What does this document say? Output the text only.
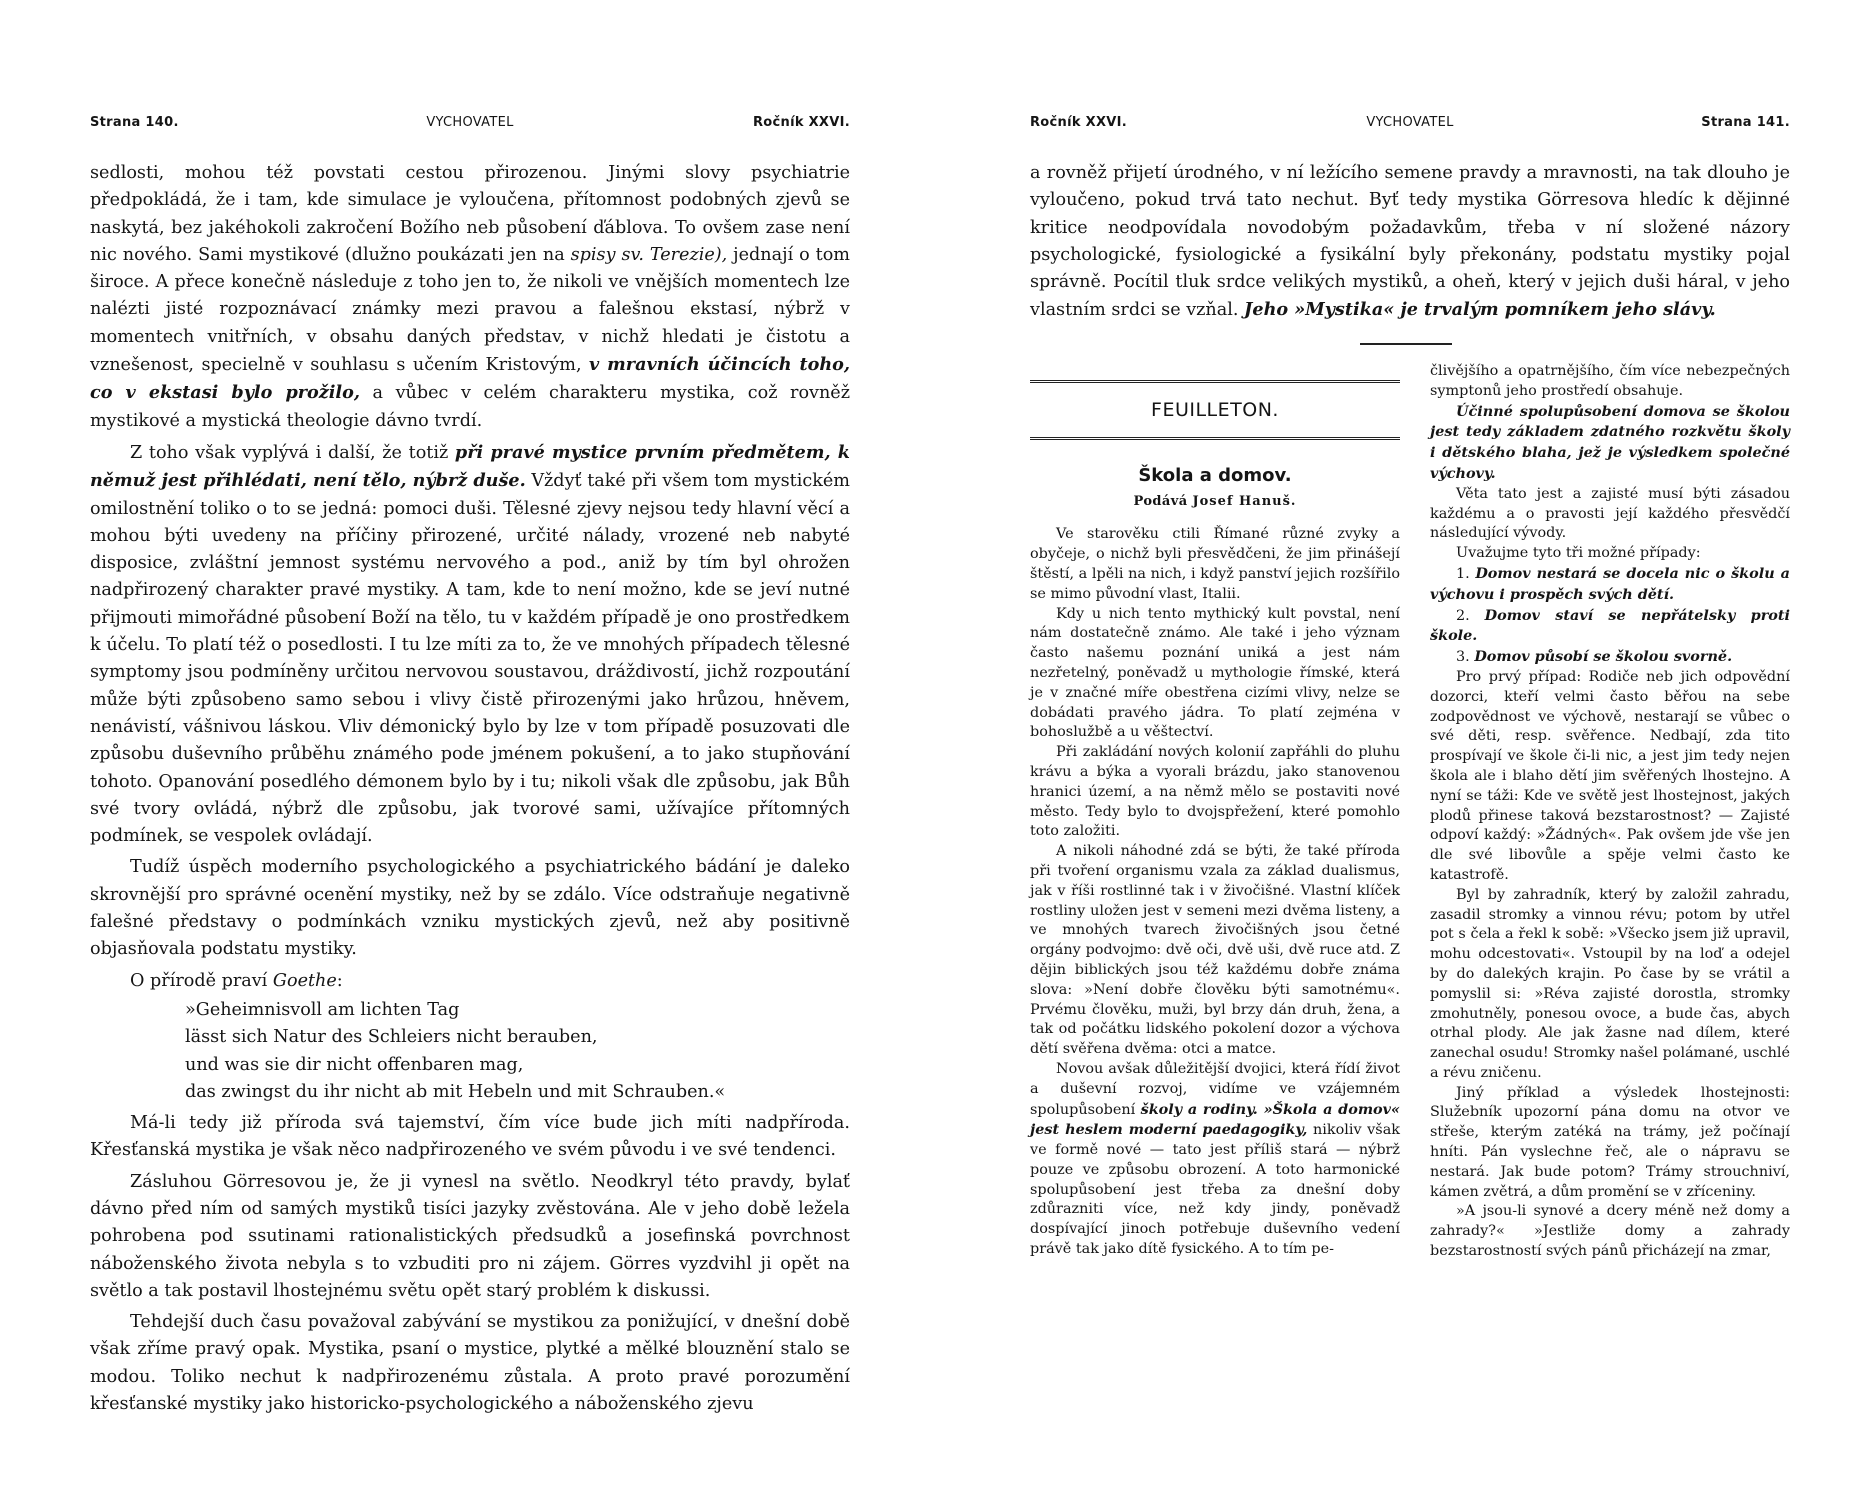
Strana 140.	VYCHOVATEL	Ročník XXVI.

sedlosti, mohou též povstati cestou přirozenou. Jinými slovy psychiatrie předpokládá, že i tam, kde simulace je vyloučena, přítomnost podobných zjevů se naskytá, bez jakéhokoli zakročení Božího neb působení ďáblova. To ovšem zase není nic nového. Sami mystikové (dlužno poukázati jen na spisy sv. Terezie), jednají o tom široce. A přece konečně následuje z toho jen to, že nikoli ve vnějších momentech lze nalézti jisté rozpoznávací známky mezi pravou a falešnou ekstasí, nýbrž v momentech vnitřních, v obsahu daných představ, v nichž hledati je čistotu a vznešenost, specielně v souhlasu s učením Kristovým, v mravních účincích toho, co v ekstasi bylo prožilo, a vůbec v celém charakteru mystika, což rovněž mystikové a mystická theologie dávno tvrdí.

Z toho však vyplývá i další, že totiž při pravé mystice prvním předmětem, k němuž jest přihlédati, není tělo, nýbrž duše. Vždyť také při všem tom mystickém omilostnění toliko o to se jedná: pomoci duši. Tělesné zjevy nejsou tedy hlavní věcí a mohou býti uvedeny na příčiny přirozené, určité nálady, vrozené neb nabyté disposice, zvláštní jemnost systému nervového a pod., aniž by tím byl ohrožen nadpřirozený charakter pravé mystiky. A tam, kde to není možno, kde se jeví nutné přijmouti mimořádné působení Boží na tělo, tu v každém případě je ono prostředkem k účelu. To platí též o posedlosti. I tu lze míti za to, že ve mnohých případech tělesné symptomy jsou podmíněny určitou nervovou soustavou, dráždivostí, jichž rozpoutání může býti způsobeno samo sebou i vlivy čistě přirozenými jako hrůzou, hněvem, nenávistí, vášnivou láskou. Vliv démonický bylo by lze v tom případě posuzovati dle způsobu duševního průběhu známého pode jménem pokušení, a to jako stupňování tohoto. Opanování posedlého démonem bylo by i tu; nikoli však dle způsobu, jak Bůh své tvory ovládá, nýbrž dle způsobu, jak tvorové sami, užívajíce přítomných podmínek, se vespolek ovládají.

Tudíž úspěch moderního psychologického a psychiatrického bádání je daleko skrovnější pro správné ocenění mystiky, než by se zdálo. Více odstraňuje negativně falešné představy o podmínkách vzniku mystických zjevů, než aby positivně objasňovala podstatu mystiky.

O přírodě praví Goethe:

»Geheimnisvoll am lichten Tag
lässt sich Natur des Schleiers nicht berauben,
und was sie dir nicht offenbaren mag,
das zwingst du ihr nicht ab mit Hebeln und mit Schrauben.«

Má-li tedy již příroda svá tajemství, čím více bude jich míti nadpříroda. Křesťanská mystika je však něco nadpřirozeného ve svém původu i ve své tendenci.

Zásluhou Görresovou je, že ji vynesl na světlo. Neodkryl této pravdy, bylať dávno před ním od samých mystiků tisíci jazyky zvěstována. Ale v jeho době ležela pohrobena pod ssutinami rationalistických předsudků a josefinská povrchnost náboženského života nebyla s to vzbuditi pro ni zájem. Görres vyzdvihl ji opět na světlo a tak postavil lhostejnému světu opět starý problém k diskussi.

Tehdejší duch času považoval zabývání se mystikou za ponižující, v dnešní době však zříme pravý opak. Mystika, psaní o mystice, plytké a mělké blouznění stalo se modou. Toliko nechut k nadpřirozenému zůstala. A proto pravé porozumění křesťanské mystiky jako historicko-psychologického a náboženského zjevu

Ročník XXVI.	VYCHOVATEL	Strana 141.

a rovněž přijetí úrodného, v ní ležícího semene pravdy a mravnosti, na tak dlouho je vyloučeno, pokud trvá tato nechut. Byť tedy mystika Görresova hledíc k dějinné kritice neodpovídala novodobým požadavkům, třeba v ní složené názory psychologické, fysiologické a fysikální byly překonány, podstatu mystiky pojal správně. Pocítil tluk srdce velikých mystiků, a oheň, který v jejich duši háral, v jeho vlastním srdci se vzňal. Jeho »Mystika« je trvalým pomníkem jeho slávy.

FEUILLETON.
Škola a domov.
Podává Josef Hanuš.

Ve starověku ctili Římané různé zvyky a obyčeje, o nichž byli přesvědčeni, že jim přinášejí štěstí, a lpěli na nich, i když panství jejich rozšířilo se mimo původní vlast, Italii.

Kdy u nich tento mythický kult povstal, není nám dostatečně známo. Ale také i jeho význam často našemu poznání uniká a jest nám nezřetelný, poněvadž u mythologie římské, která je v značné míře obestřena cizími vlivy, nelze se dobádati pravého jádra. To platí zejména v bohoslužbě a u věštectví.

Při zakládání nových kolonií zapřáhli do pluhu krávu a býka a vyorali brázdu, jako stanovenou hranici území, a na němž mělo se postaviti nové město. Tedy bylo to dvojspřežení, které pomohlo toto založiti.

A nikoli náhodné zdá se býti, že také příroda při tvoření organismu vzala za základ dualismus, jak v říši rostlinné tak i v živočišné. Vlastní klíček rostliny uložen jest v semeni mezi dvěma listeny, a ve mnohých tvarech živočišných jsou četné orgány podvojmo: dvě oči, dvě uši, dvě ruce atd. Z dějin biblických jsou též každému dobře známa slova: »Není dobře člověku býti samotnému«. Prvému člověku, muži, byl brzy dán druh, žena, a tak od počátku lidského pokolení dozor a výchova dětí svěřena dvěma: otci a matce.

Novou avšak důležitější dvojici, která řídí život a duševní rozvoj, vidíme ve vzájemném spolupůsobení školy a rodiny. »Škola a domov« jest heslem moderní paedagogiky, nikoliv však ve formě nové — tato jest příliš stará — nýbrž pouze ve způsobu obrození. A toto harmonické spolupůsobení jest třeba za dnešní doby zdůrazniti více, než kdy jindy, poněvadž dospívající jinoch potřebuje duševního vedení právě tak jako dítě fysického. A to tím pe-

člivějšího a opatrnějšího, čím více nebezpečných symptonů jeho prostředí obsahuje.

Účinné spolupůsobení domova se školou jest tedy základem zdatného rozkvětu školy i dětského blaha, jež je výsledkem společné výchovy.

Věta tato jest a zajisté musí býti zásadou každému a o pravosti její každého přesvědčí následující vývody.

Uvažujme tyto tři možné případy:

1. Domov nestará se docela nic o školu a výchovu i prospěch svých dětí.

2. Domov staví se nepřátelsky proti škole.

3. Domov působí se školou svorně.

Pro prvý případ: Rodiče neb jich odpovědní dozorci, kteří velmi často běřou na sebe zodpovědnost ve výchově, nestarají se vůbec o své děti, resp. svěřence. Nedbají, zda tito prospívají ve škole či-li nic, a jest jim tedy nejen škola ale i blaho dětí jim svěřených lhostejno. A nyní se táži: Kde ve světě jest lhostejnost, jakých plodů přinese taková bezstarostnost? — Zajisté odpoví každý: »Žádných«. Pak ovšem jde vše jen dle své libovůle a spěje velmi často ke katastrofě.

Byl by zahradník, který by založil zahradu, zasadil stromky a vinnou révu; potom by utřel pot s čela a řekl k sobě: »Všecko jsem již upravil, mohu odcestovati«. Vstoupil by na loď a odejel by do dalekých krajin. Po čase by se vrátil a pomyslil si: »Réva zajisté dorostla, stromky zmohutněly, ponesou ovoce, a bude čas, abych otrhal plody. Ale jak žasne nad dílem, které zanechal osudu! Stromky našel polámané, uschlé a révu zničenu.

Jiný příklad a výsledek lhostejnosti: Služebník upozorní pána domu na otvor ve střeše, kterým zatéká na trámy, jež počínají hníti. Pán vyslechne řeč, ale o nápravu se nestará. Jak bude potom? Trámy strouchniví, kámen zvětrá, a dům promění se v zříceniny.

»A jsou-li synové a dcery méně než domy a zahrady?« »Jestliže domy a zahrady bezstarostností svých pánů přicházejí na zmar,
